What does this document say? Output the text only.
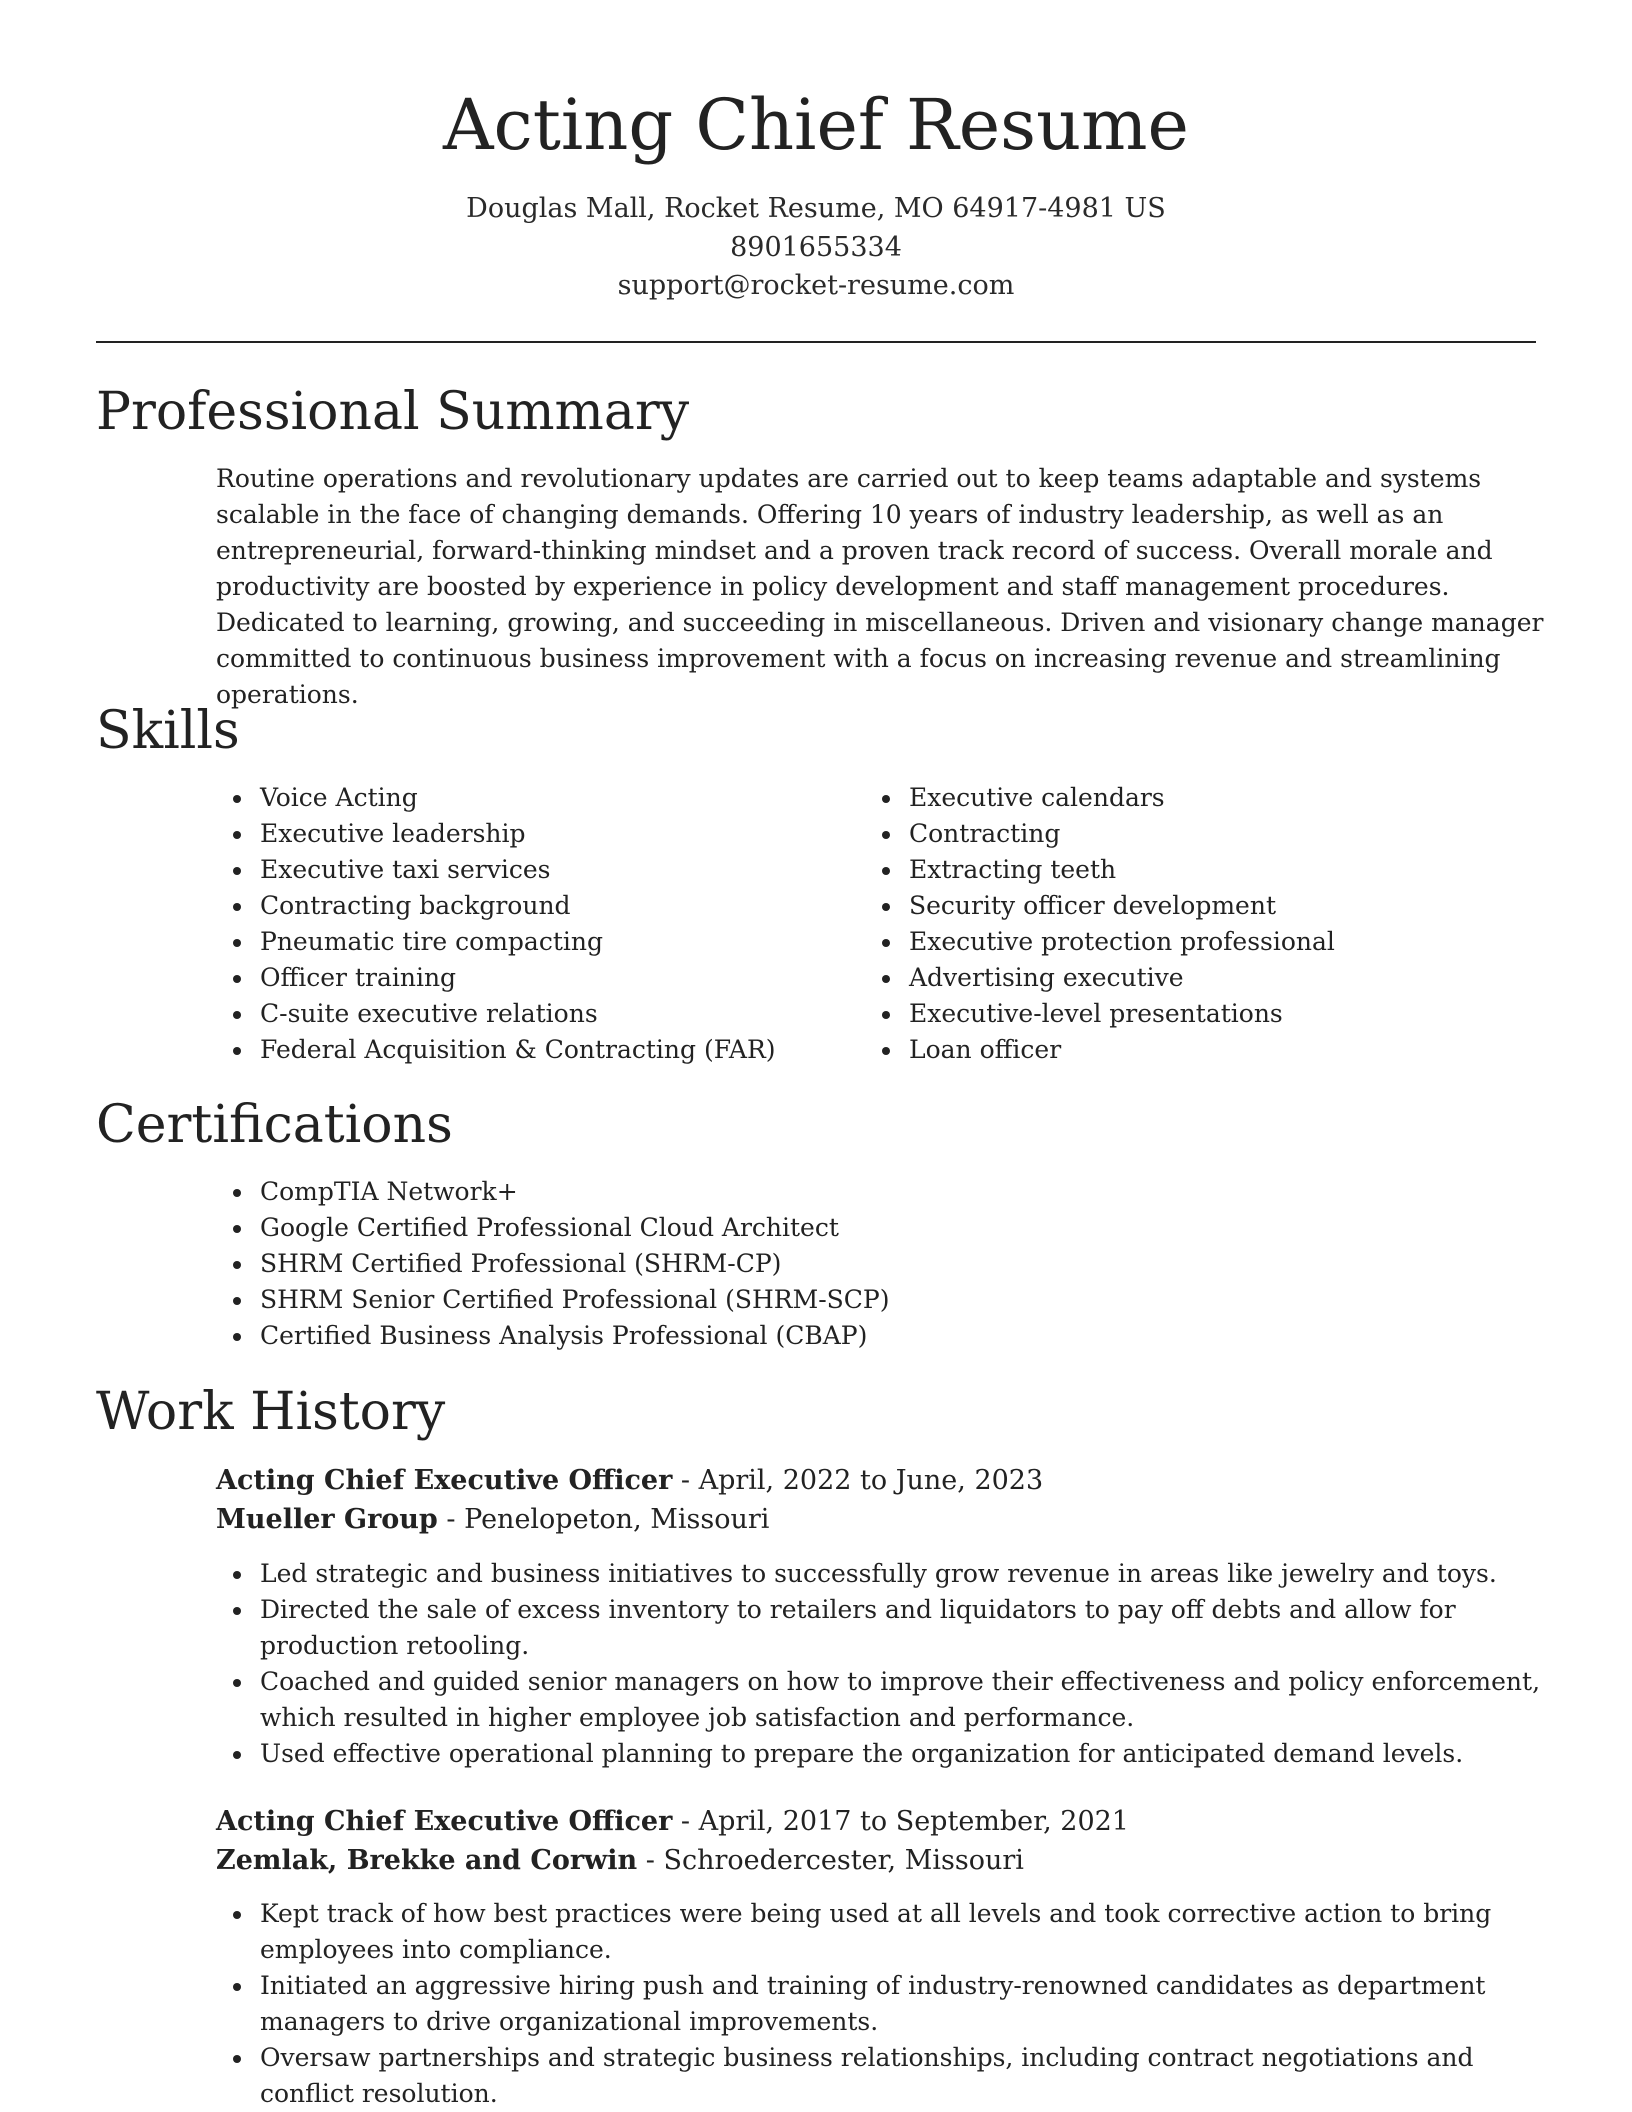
Acting Chief Resume
Douglas Mall, Rocket Resume, MO 64917-4981 US
8901655334
support@rocket-resume.com
Professional Summary

Routine operations and revolutionary updates are carried out to keep teams adaptable and systems scalable in the face of changing demands. Offering 10 years of industry leadership, as well as an entrepreneurial, forward-thinking mindset and a proven track record of success. Overall morale and productivity are boosted by experience in policy development and staff management procedures. Dedicated to learning, growing, and succeeding in miscellaneous. Driven and visionary change manager committed to continuous business improvement with a focus on increasing revenue and streamlining operations.

Skills
Voice Acting
Executive leadership
Executive taxi services
Contracting background
Pneumatic tire compacting
Officer training
C-suite executive relations
Federal Acquisition & Contracting (FAR)
Executive calendars
Contracting
Extracting teeth
Security officer development
Executive protection professional
Advertising executive
Executive-level presentations
Loan officer
Certifications
CompTIA Network+
Google Certified Professional Cloud Architect
SHRM Certified Professional (SHRM-CP)
SHRM Senior Certified Professional (SHRM-SCP)
Certified Business Analysis Professional (CBAP)
Work History
Acting Chief Executive Officer - April, 2022 to June, 2023
Mueller Group - Penelopeton, Missouri
Led strategic and business initiatives to successfully grow revenue in areas like jewelry and toys.
Directed the sale of excess inventory to retailers and liquidators to pay off debts and allow for production retooling.
Coached and guided senior managers on how to improve their effectiveness and policy enforcement, which resulted in higher employee job satisfaction and performance.
Used effective operational planning to prepare the organization for anticipated demand levels.
Acting Chief Executive Officer - April, 2017 to September, 2021
Zemlak, Brekke and Corwin - Schroedercester, Missouri
Kept track of how best practices were being used at all levels and took corrective action to bring employees into compliance.
Initiated an aggressive hiring push and training of industry-renowned candidates as department managers to drive organizational improvements.
Oversaw partnerships and strategic business relationships, including contract negotiations and conflict resolution.
